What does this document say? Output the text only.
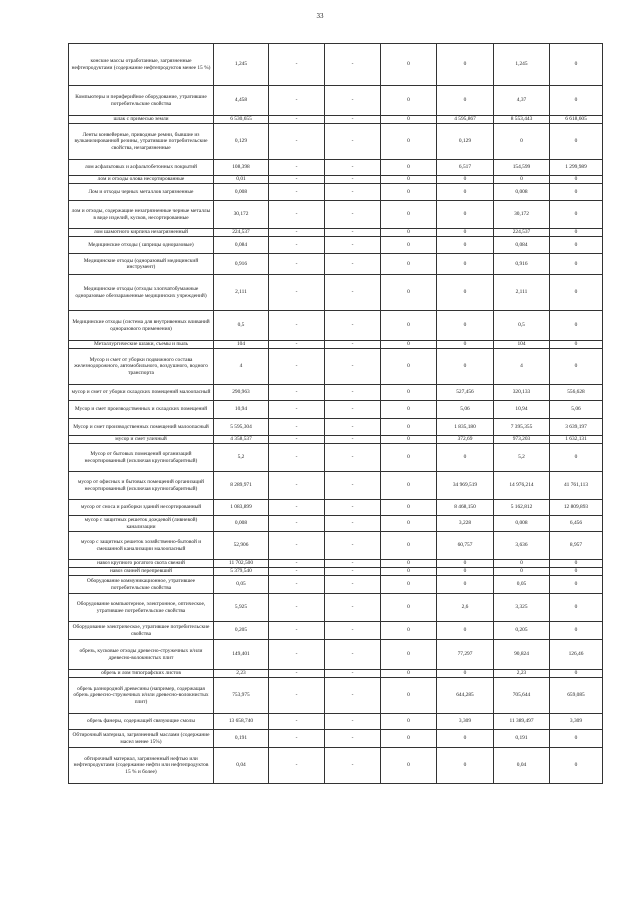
33
конские массы отработанные, загрязненные нефтепродуктами (содержание нефтепродуктов менее 15 %)	1,245	-	-	0	0	1,245	0
Компьютеры и периферийное оборудование, утратившие потребительские свойства	4,458	-	-	0	0	4,37	0
шлак с примесью земли	6 530,655	-	-	0	4 595,867	8 553,443	6 618,605
Ленты конвейерные, приводные ремни, бывшие из вулканизированной резины, утратившие потребительские свойства, незагрязненные	0,129	-	-	0	0,129	0	0
лом асфальтовых и асфальтобетонных покрытий	108,398	-	-	0	6,517	154,599	1 299,989
лом и отходы олова несортированные	0,01	-	-	0	0	0	0
Лом и отходы черных металлов загрязненные	0,008	-	-	0	0	0,008	0
лом и отходы, содержащие незагрязненные черные металлы в виде изделий, кусков, несортированные	30,172	-	-	0	0	30,172	0
лом шамотного кирпича незагрязненный	224,537	-	-	0	0	224,537	0
Медицинские отходы ( шприцы одноразовые)	0,084	-	-	0	0	0,084	0
Медицинские отходы (одноразовый медицинский инструмент)	0,916	-	-	0	0	0,916	0
Медицинские отходы (отходы хлопчатобумажные одноразовые обеззараженные медицинских учреждений)	2,111	-	-	0	0	2,111	0
Медицинские отходы (система для внутривенных вливаний одноразового применения)	0,5	-	-	0	0	0,5	0
Металлургические шлаки, съемы и пыль	104	-	-	0	0	104	0
Мусор и смет от уборки подвижного состава железнодорожного, автомобильного, воздушного, водного транспорта	4	-	-	0	0	4	0
мусор и смет от уборки складских помещений малоопасный	290,963	-	-	0	527,456	320,133	556,628
Мусор и смет производственных и складских помещений	10,94	-	-	0	5,06	10,94	5,06
Мусор и смет производственных помещений малоопасный	5 595,304	-	-	0	1 835,180	7 395,355	3 639,197
мусор и смет уличный	4 358,537	-	-	0	372,69	973,203	1 632,131
Мусор от бытовых помещений организаций несортированный (исключая крупногабаритный)	5,2	-	-	0	0	5,2	0
мусор от офисных и бытовых помещений организаций несортированный (исключая крупногабаритный)	8 289,971	-	-	0	34 969,519	14 976,214	41 761,113
мусор от сноса и разборки зданий несортированный	1 083,899	-	-	0	8 468,150	5 162,812	12 809,893
мусор с защитных решеток дождевой (ливневой) канализации	0,008	-	-	0	3,228	0,008	6,456
мусор с защитных решеток хозяйственно-бытовой и смешанной канализации малоопасный	52,906	-	-	0	60,757	3,636	8,957
навоз крупного рогатого скота свежий	11 702,500	-	-	0	0	0	0
навоз свиней перепревший	5 379,540	-	-	0	0	0	0
Оборудование коммуникационное, утратившее потребительские свойства	0,05	-	-	0	0	0,05	0
Оборудование компьютерное, электронное, оптическое, утратившее потребительские свойства	5,925	-	-	0	2,6	3,325	0
Оборудование электрическое, утратившее потребительские свойства	0,205	-	-	0	0	0,205	0
обрезь, кусковые отходы древесно-стружечных и/или древесно-волокнистых плит	149,401	-	-	0	77,297	90,824	126,46
обрезь и лом типографских листов	2,23	-	-	0	0	2,23	0
обрезь разнородной древесины (например, содержащая обрезь древесно-стружечных и/или древесно-волокнистых плит)	753,975	-	-	0	644,285	705,644	659,085
обрезь фанеры, содержащей связующие смолы	13 658,740	-	-	0	3,309	11 389,497	3,309
Обтирочный материал, загрязненный маслами (содержание масел менее 15%)	0,191	-	-	0	0	0,191	0
обтирочный материал, загрязненный нефтью или нефтепродуктами (содержание нефти или нефтепродуктов 15 % и более)	0,04	-	-	0	0	0,04	0
